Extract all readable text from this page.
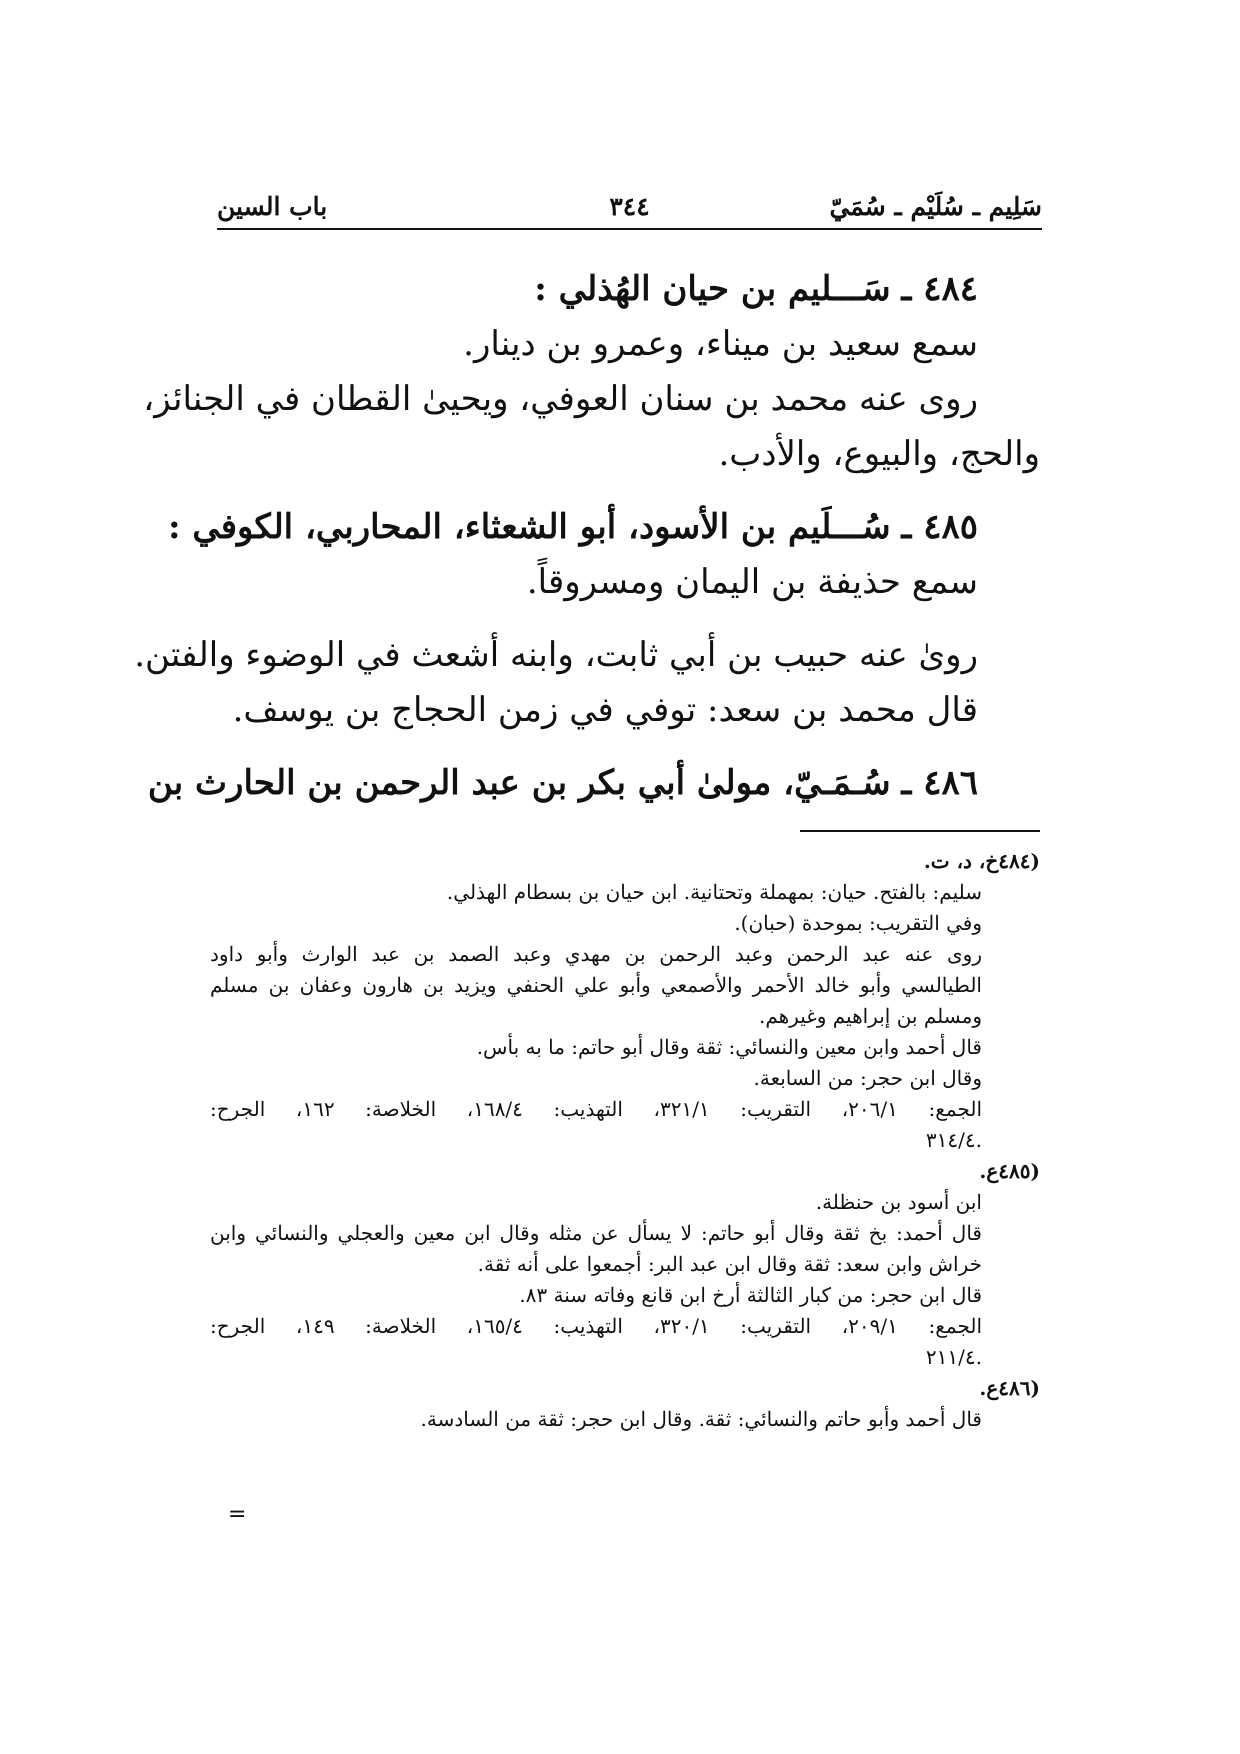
سَلِيم ـ سُلَيْم ـ سُمَيّ
٣٤٤
باب السين
٤٨٤ ـ سَـــليم بن حيان الهُذلي :
سمع سعيد بن ميناء، وعمرو بن دينار.
روى عنه محمد بن سنان العوفي، ويحيىٰ القطان في الجنائز،
والحج، والبيوع، والأدب.
٤٨٥ ـ سُـــلَيم بن الأسود، أبو الشعثاء، المحاربي، الكوفي :
سمع حذيفة بن اليمان ومسروقاً.
رویٰ عنه حبيب بن أبي ثابت، وابنه أشعث في الوضوء والفتن.
قال محمد بن سعد: توفي في زمن الحجاج بن يوسف.
٤٨٦ ـ سُـمَـيّ، مولىٰ أبي بكر بن عبد الرحمن بن الحارث بن
(٤٨٤خ، د، ت.
سليم: بالفتح. حيان: بمهملة وتحتانية. ابن حيان بن بسطام الهذلي.
وفي التقريب: بموحدة (حبان).
روى عنه عبد الرحمن وعبد الرحمن بن مهدي وعبد الصمد بن عبد الوارث وأبو داود
الطيالسي وأبو خالد الأحمر والأصمعي وأبو علي الحنفي ويزيد بن هارون وعفان بن مسلم
ومسلم بن إبراهيم وغيرهم.
قال أحمد وابن معين والنسائي: ثقة وقال أبو حاتم: ما به بأس.
وقال ابن حجر: من السابعة.
الجمع: ٢٠٦/١، التقريب: ٣٢١/١، التهذيب: ١٦٨/٤، الخلاصة: ١٦٢، الجرح:
.٣١٤/٤
(٤٨٥ع.
ابن أسود بن حنظلة.
قال أحمد: بخ ثقة وقال أبو حاتم: لا يسأل عن مثله وقال ابن معين والعجلي والنسائي وابن
خراش وابن سعد: ثقة وقال ابن عبد البر: أجمعوا على أنه ثقة.
قال ابن حجر: من كبار الثالثة أرخ ابن قانع وفاته سنة ٨٣.
الجمع: ٢٠٩/١، التقريب: ٣٢٠/١، التهذيب: ١٦٥/٤، الخلاصة: ١٤٩، الجرح:
.٢١١/٤
(٤٨٦ع.
قال أحمد وأبو حاتم والنسائي: ثقة. وقال ابن حجر: ثقة من السادسة.
=
